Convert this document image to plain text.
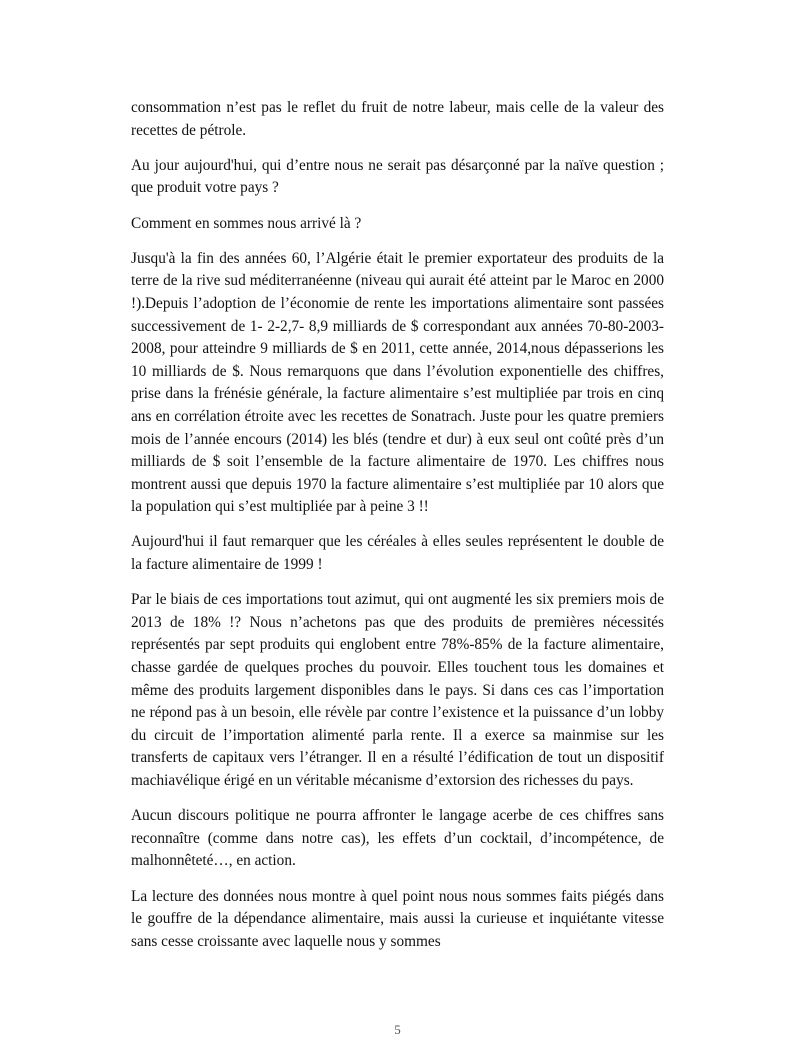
consommation n’est pas le reflet du fruit de notre labeur, mais celle de la valeur des recettes de pétrole.

Au jour aujourd'hui, qui d’entre nous ne serait pas désarçonné par la naïve question ; que produit votre pays ?

Comment en sommes nous arrivé là ?

Jusqu'à la fin des années 60, l’Algérie était le premier exportateur des produits de la terre de la rive sud méditerranéenne (niveau qui aurait été atteint par le Maroc en 2000 !).Depuis l’adoption de l’économie de rente les importations alimentaire sont passées successivement de 1- 2-2,7- 8,9 milliards de $ correspondant aux années 70-80-2003-2008, pour atteindre 9 milliards de $ en 2011, cette année, 2014,nous dépasserions les 10 milliards de $. Nous remarquons que dans l’évolution exponentielle des chiffres, prise dans la frénésie générale, la facture alimentaire s’est multipliée par trois en cinq ans en corrélation étroite avec les recettes de Sonatrach. Juste pour les quatre premiers mois de l’année encours (2014) les blés (tendre et dur) à eux seul ont coûté près d’un milliards de $ soit l’ensemble de la facture alimentaire de 1970. Les chiffres nous montrent aussi que depuis 1970 la facture alimentaire s’est multipliée par 10 alors que la population qui s’est multipliée par à peine 3 !!

Aujourd'hui il faut remarquer que les céréales à elles seules représentent le double de la facture alimentaire de 1999 !

Par le biais de ces importations tout azimut, qui ont augmenté les six premiers mois de 2013 de 18% !? Nous n’achetons pas que des produits de premières nécessités représentés par sept produits qui englobent entre 78%-85% de la facture alimentaire, chasse gardée de quelques proches du pouvoir. Elles touchent tous les domaines et même des produits largement disponibles dans le pays. Si dans ces cas l’importation ne répond pas à un besoin, elle révèle par contre l’existence et la puissance d’un lobby du circuit de l’importation alimenté parla rente. Il a exerce sa mainmise sur les transferts de capitaux vers l’étranger. Il en a résulté l’édification de tout un dispositif machiavélique érigé en un véritable mécanisme d’extorsion des richesses du pays.

Aucun discours politique ne pourra affronter le langage acerbe de ces chiffres sans reconnaître (comme dans notre cas), les effets d’un cocktail, d’incompétence, de malhonnêteté…, en action.

La lecture des données nous montre à quel point nous nous sommes faits piégés dans le gouffre de la dépendance alimentaire, mais aussi la curieuse et inquiétante vitesse sans cesse croissante avec laquelle nous y sommes

5
